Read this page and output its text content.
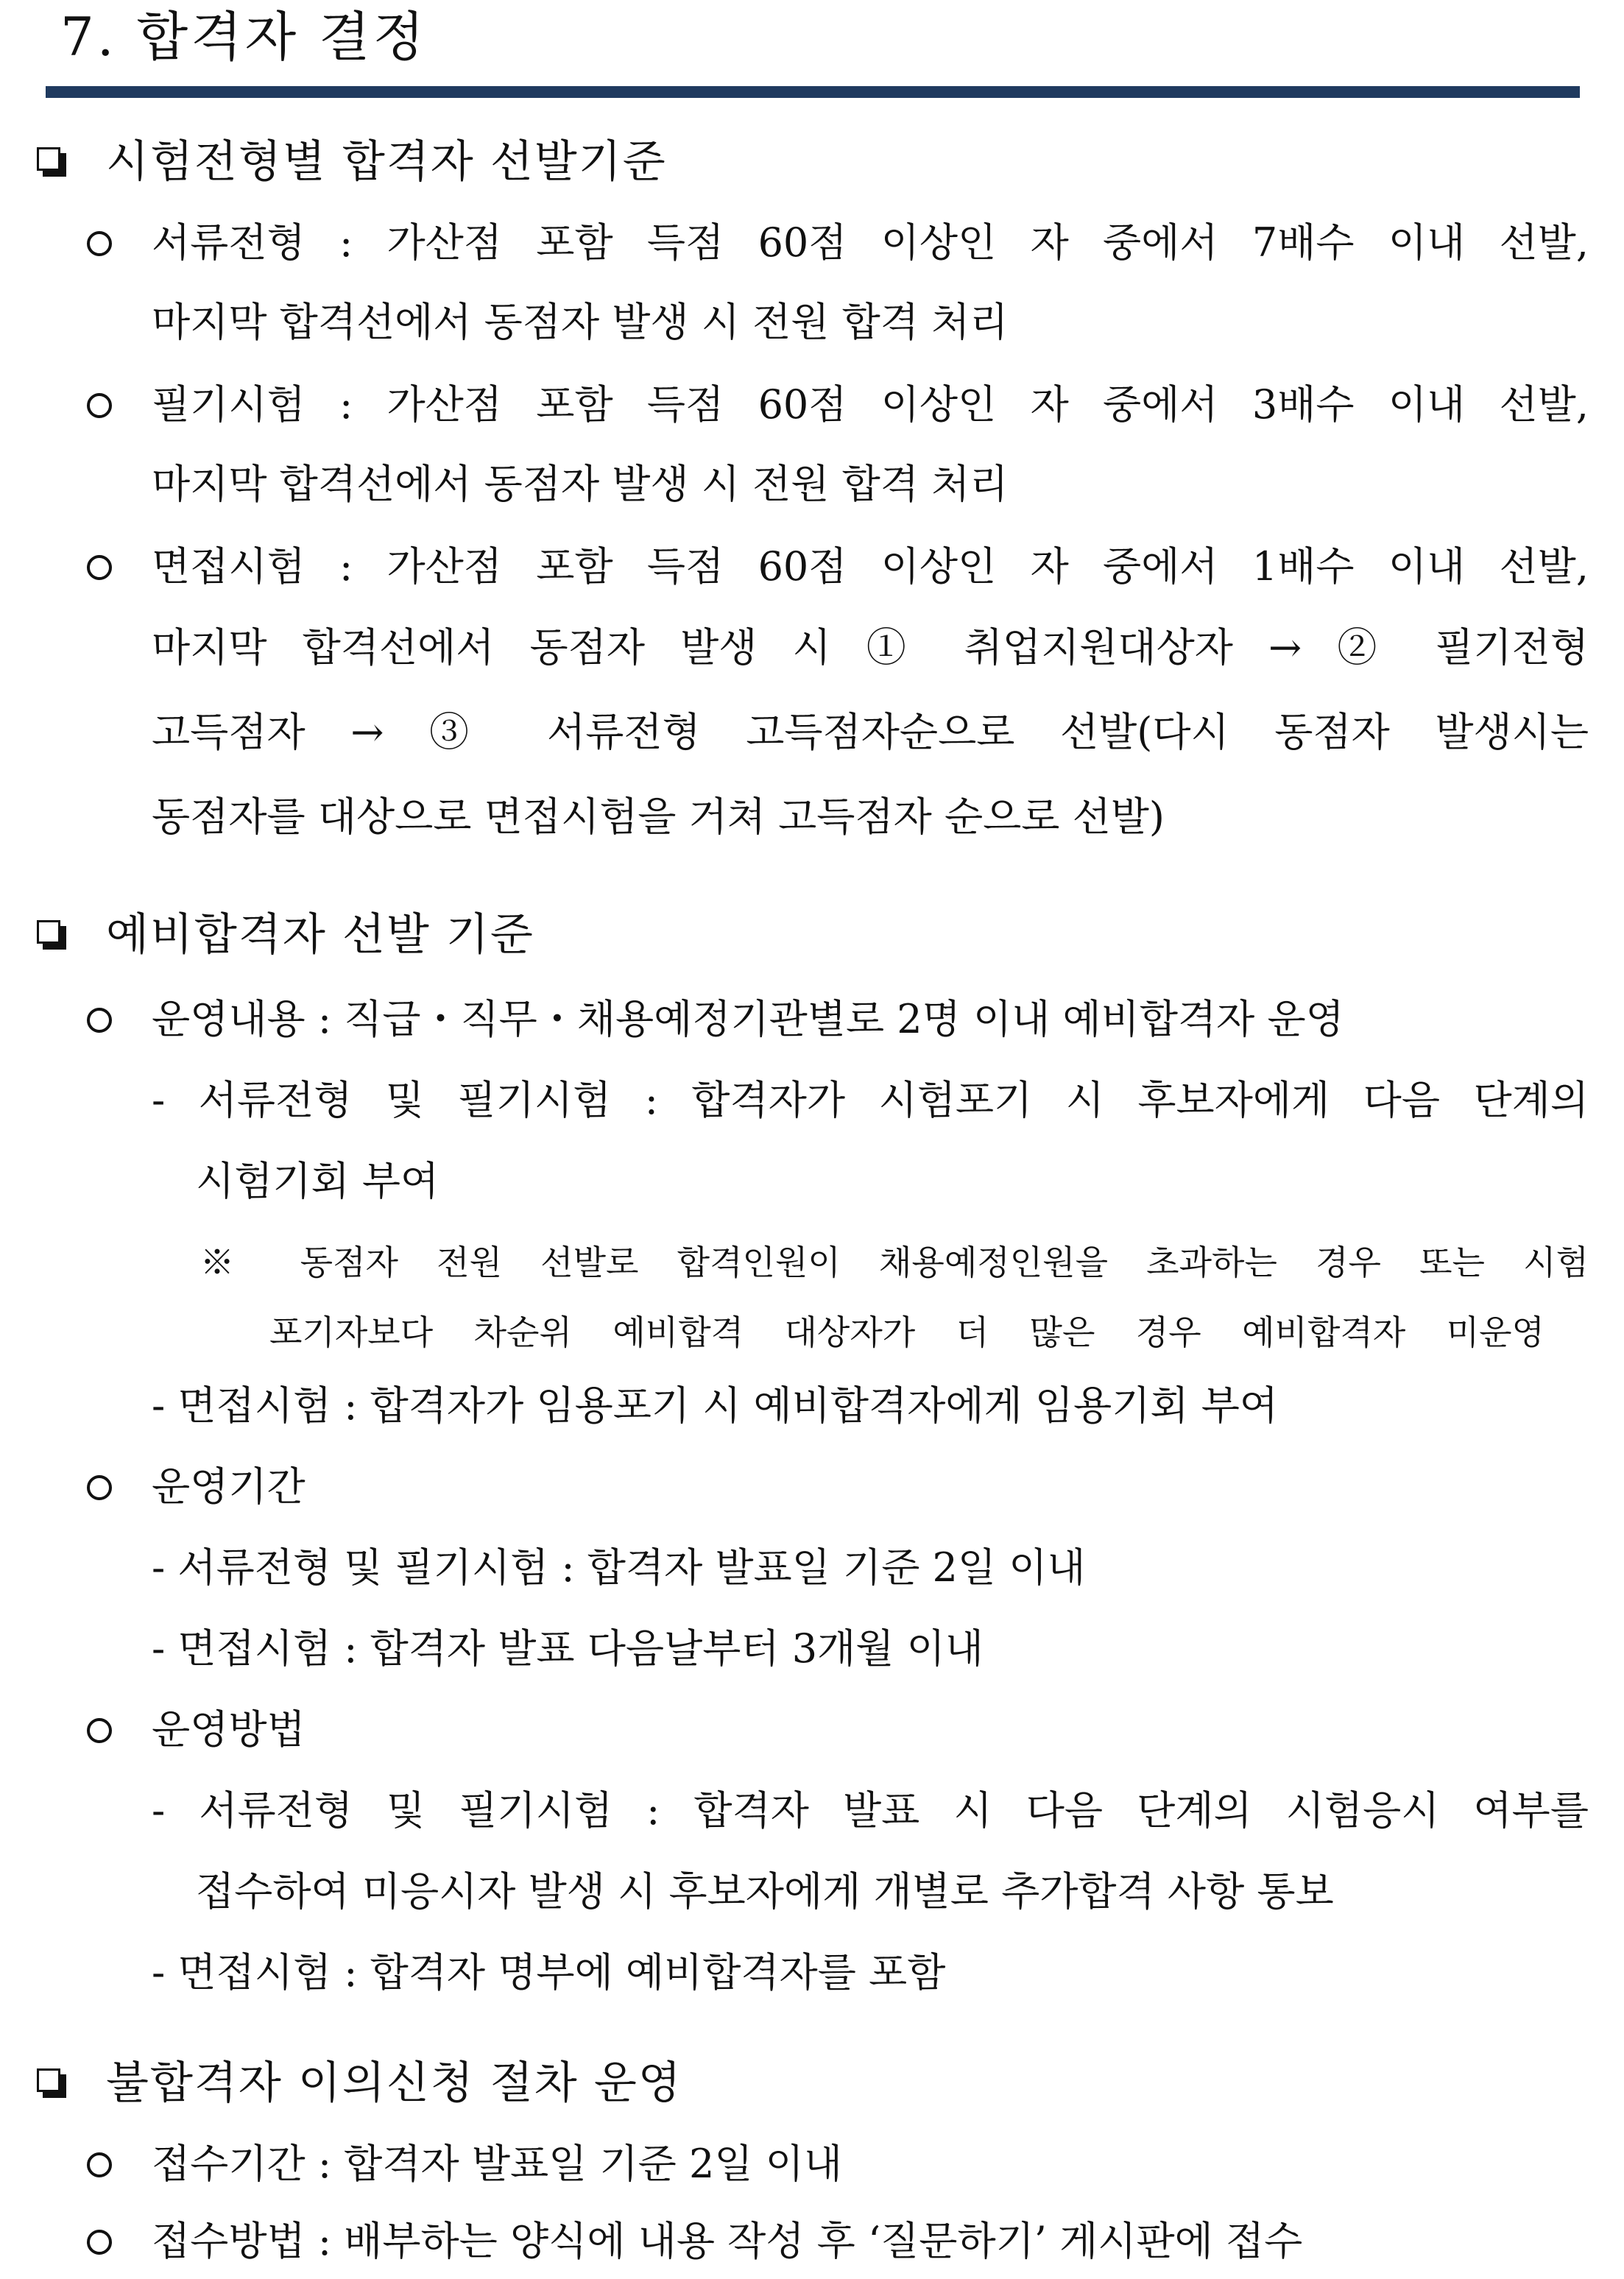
7. 합격자 결정
시험전형별 합격자 선발기준
서류전형 : 가산점 포함 득점 60점 이상인 자 중에서 7배수 이내 선발,
마지막 합격선에서 동점자 발생 시 전원 합격 처리
필기시험 : 가산점 포함 득점 60점 이상인 자 중에서 3배수 이내 선발,
마지막 합격선에서 동점자 발생 시 전원 합격 처리
면접시험 : 가산점 포함 득점 60점 이상인 자 중에서 1배수 이내 선발,
마지막 합격선에서 동점자 발생 시 ① 취업지원대상자 → ② 필기전형
고득점자 → ③ 서류전형 고득점자순으로 선발(다시 동점자 발생시는
동점자를 대상으로 면접시험을 거쳐 고득점자 순으로 선발)
예비합격자 선발 기준
운영내용 : 직급・직무・채용예정기관별로 2명 이내 예비합격자 운영
- 서류전형 및 필기시험 : 합격자가 시험포기 시 후보자에게 다음 단계의
시험기회 부여
※ 동점자 전원 선발로 합격인원이 채용예정인원을 초과하는 경우 또는 시험
포기자보다 차순위 예비합격 대상자가 더 많은 경우 예비합격자 미운영
- 면접시험 : 합격자가 임용포기 시 예비합격자에게 임용기회 부여
운영기간
- 서류전형 및 필기시험 : 합격자 발표일 기준 2일 이내
- 면접시험 : 합격자 발표 다음날부터 3개월 이내
운영방법
- 서류전형 및 필기시험 : 합격자 발표 시 다음 단계의 시험응시 여부를
접수하여 미응시자 발생 시 후보자에게 개별로 추가합격 사항 통보
- 면접시험 : 합격자 명부에 예비합격자를 포함
불합격자 이의신청 절차 운영
접수기간 : 합격자 발표일 기준 2일 이내
접수방법 : 배부하는 양식에 내용 작성 후 ‘질문하기’ 게시판에 접수
